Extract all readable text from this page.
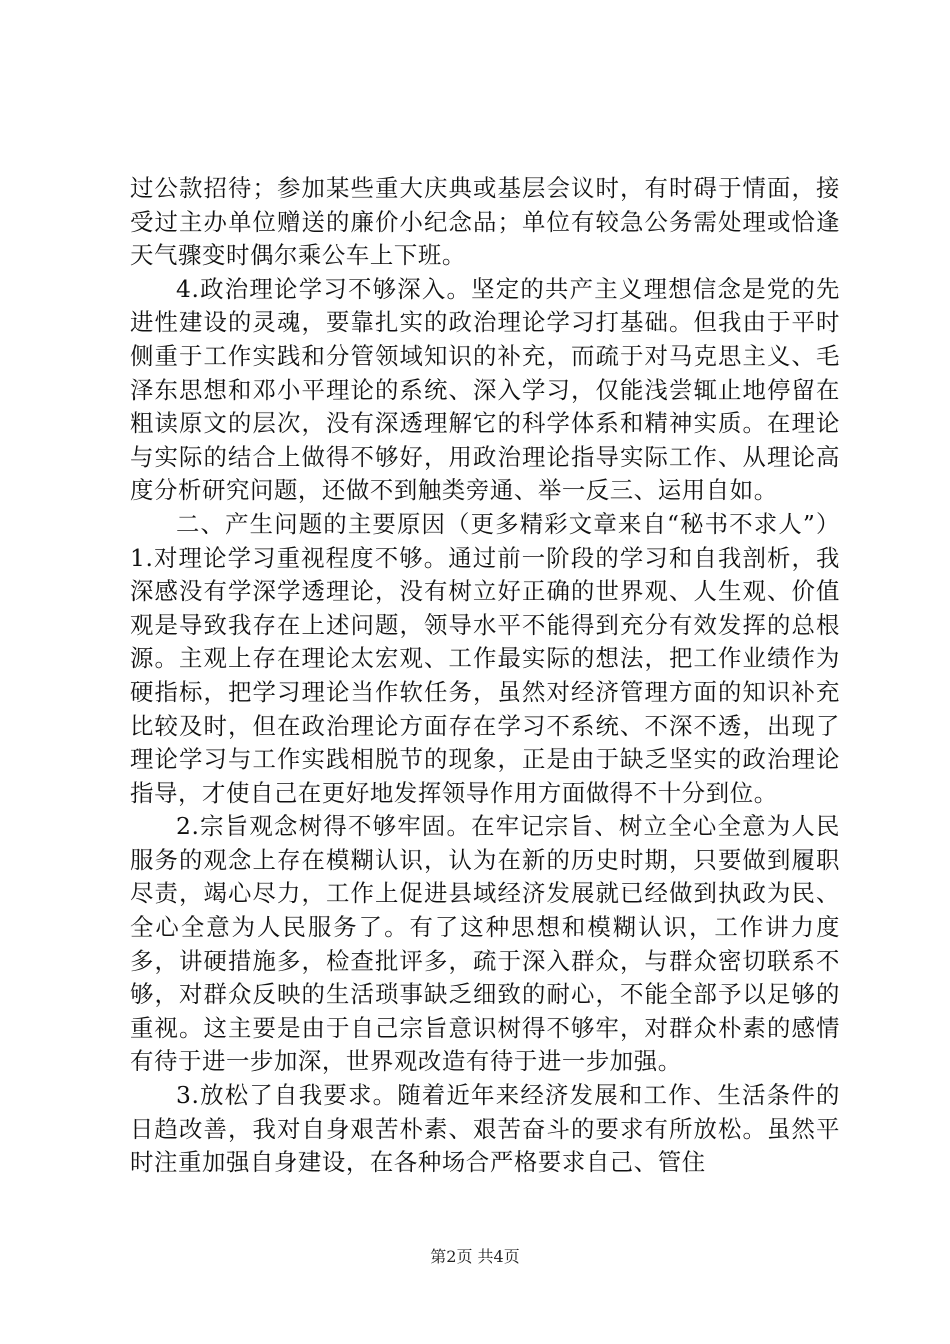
过公款招待；参加某些重大庆典或基层会议时，有时碍于情面，接受过主办单位赠送的廉价小纪念品；单位有较急公务需处理或恰逢天气骤变时偶尔乘公车上下班。

4.政治理论学习不够深入。坚定的共产主义理想信念是党的先进性建设的灵魂，要靠扎实的政治理论学习打基础。但我由于平时侧重于工作实践和分管领域知识的补充，而疏于对马克思主义、毛泽东思想和邓小平理论的系统、深入学习，仅能浅尝辄止地停留在粗读原文的层次，没有深透理解它的科学体系和精神实质。在理论与实际的结合上做得不够好，用政治理论指导实际工作、从理论高度分析研究问题，还做不到触类旁通、举一反三、运用自如。

二、产生问题的主要原因（更多精彩文章来自“秘书不求人”） 1.对理论学习重视程度不够。通过前一阶段的学习和自我剖析，我深感没有学深学透理论，没有树立好正确的世界观、人生观、价值观是导致我存在上述问题，领导水平不能得到充分有效发挥的总根源。主观上存在理论太宏观、工作最实际的想法，把工作业绩作为硬指标，把学习理论当作软任务，虽然对经济管理方面的知识补充比较及时，但在政治理论方面存在学习不系统、不深不透，出现了理论学习与工作实践相脱节的现象，正是由于缺乏坚实的政治理论指导，才使自己在更好地发挥领导作用方面做得不十分到位。

2.宗旨观念树得不够牢固。在牢记宗旨、树立全心全意为人民服务的观念上存在模糊认识，认为在新的历史时期，只要做到履职尽责，竭心尽力，工作上促进县域经济发展就已经做到执政为民、全心全意为人民服务了。有了这种思想和模糊认识，工作讲力度多，讲硬措施多，检查批评多，疏于深入群众，与群众密切联系不够，对群众反映的生活琐事缺乏细致的耐心，不能全部予以足够的重视。这主要是由于自己宗旨意识树得不够牢，对群众朴素的感情有待于进一步加深，世界观改造有待于进一步加强。

3.放松了自我要求。随着近年来经济发展和工作、生活条件的日趋改善，我对自身艰苦朴素、艰苦奋斗的要求有所放松。虽然平时注重加强自身建设，在各种场合严格要求自己、管住

第2页 共4页
